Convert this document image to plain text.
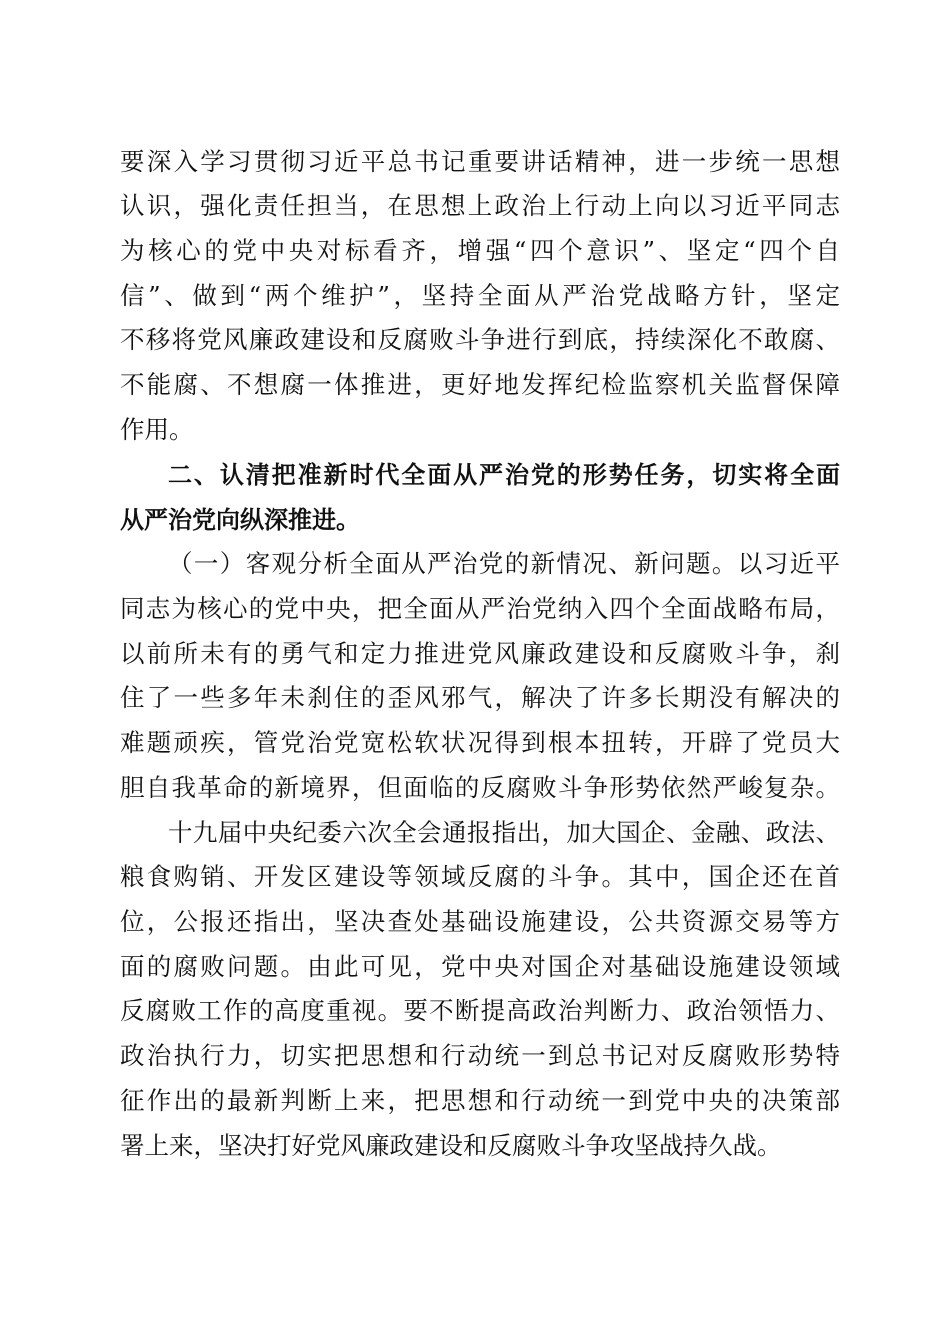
要深入学习贯彻习近平总书记重要讲话精神，进一步统一思想
认识，强化责任担当，在思想上政治上行动上向以习近平同志
为核心的党中央对标看齐，增强“四个意识”、坚定“四个自
信”、做到“两个维护”，坚持全面从严治党战略方针，坚定
不移将党风廉政建设和反腐败斗争进行到底，持续深化不敢腐、
不能腐、不想腐一体推进，更好地发挥纪检监察机关监督保障
作用。
二、认清把准新时代全面从严治党的形势任务，切实将全面
从严治党向纵深推进。
（一）客观分析全面从严治党的新情况、新问题。以习近平
同志为核心的党中央，把全面从严治党纳入四个全面战略布局，
以前所未有的勇气和定力推进党风廉政建设和反腐败斗争，刹
住了一些多年未刹住的歪风邪气，解决了许多长期没有解决的
难题顽疾，管党治党宽松软状况得到根本扭转，开辟了党员大
胆自我革命的新境界，但面临的反腐败斗争形势依然严峻复杂。
十九届中央纪委六次全会通报指出，加大国企、金融、政法、
粮食购销、开发区建设等领域反腐的斗争。其中，国企还在首
位，公报还指出，坚决查处基础设施建设，公共资源交易等方
面的腐败问题。由此可见，党中央对国企对基础设施建设领域
反腐败工作的高度重视。要不断提高政治判断力、政治领悟力、
政治执行力，切实把思想和行动统一到总书记对反腐败形势特
征作出的最新判断上来，把思想和行动统一到党中央的决策部
署上来，坚决打好党风廉政建设和反腐败斗争攻坚战持久战。
